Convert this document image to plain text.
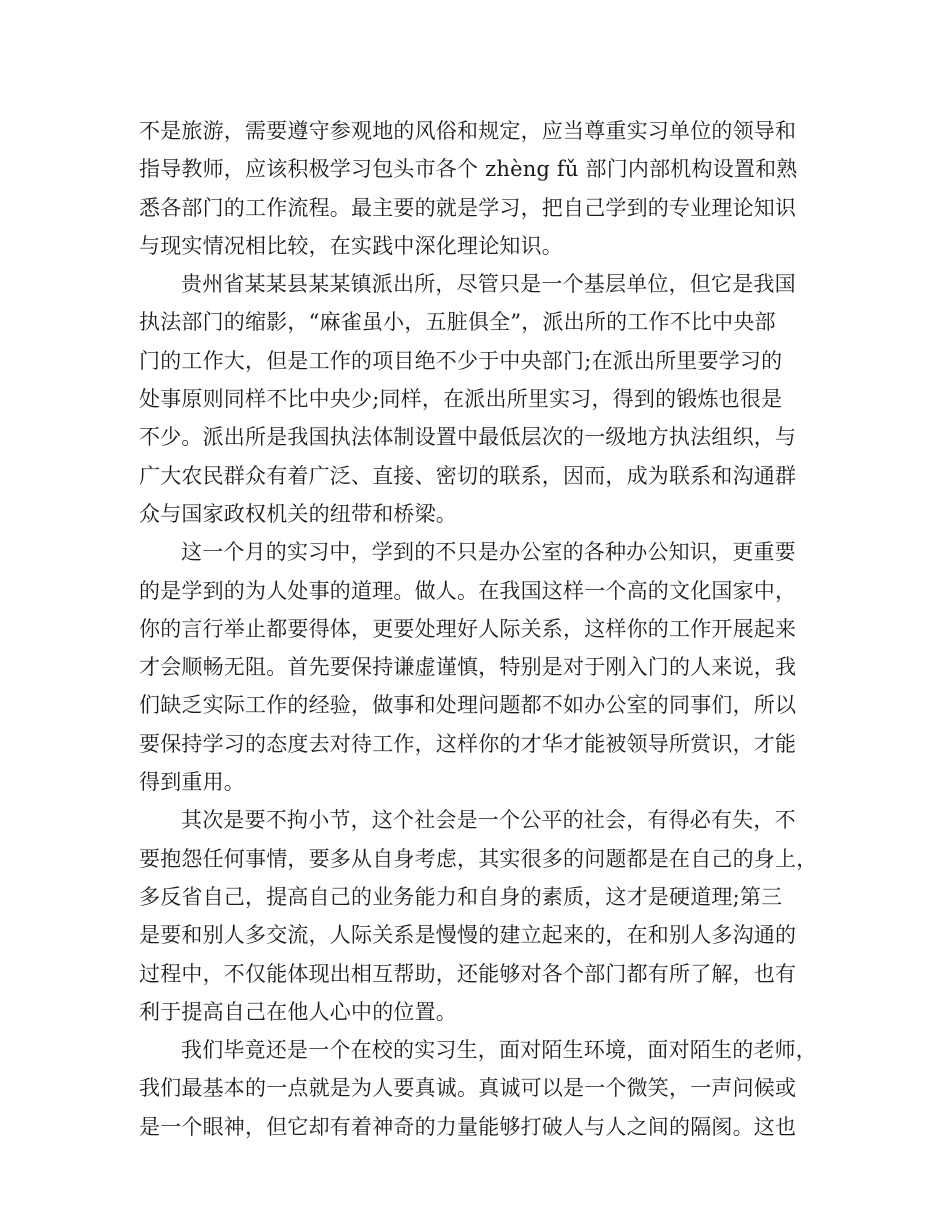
不是旅游，需要遵守参观地的风俗和规定，应当尊重实习单位的领导和
指导教师，应该积极学习包头市各个 zhèng fǔ 部门内部机构设置和熟
悉各部门的工作流程。最主要的就是学习，把自己学到的专业理论知识
与现实情况相比较，在实践中深化理论知识。
贵州省某某县某某镇派出所，尽管只是一个基层单位，但它是我国
执法部门的缩影，“麻雀虽小，五脏俱全”，派出所的工作不比中央部
门的工作大，但是工作的项目绝不少于中央部门;在派出所里要学习的
处事原则同样不比中央少;同样，在派出所里实习，得到的锻炼也很是
不少。派出所是我国执法体制设置中最低层次的一级地方执法组织，与
广大农民群众有着广泛、直接、密切的联系，因而，成为联系和沟通群
众与国家政权机关的纽带和桥梁。
这一个月的实习中，学到的不只是办公室的各种办公知识，更重要
的是学到的为人处事的道理。做人。在我国这样一个高的文化国家中，
你的言行举止都要得体，更要处理好人际关系，这样你的工作开展起来
才会顺畅无阻。首先要保持谦虚谨慎，特别是对于刚入门的人来说，我
们缺乏实际工作的经验，做事和处理问题都不如办公室的同事们，所以
要保持学习的态度去对待工作，这样你的才华才能被领导所赏识，才能
得到重用。
其次是要不拘小节，这个社会是一个公平的社会，有得必有失，不
要抱怨任何事情，要多从自身考虑，其实很多的问题都是在自己的身上，
多反省自己，提高自己的业务能力和自身的素质，这才是硬道理;第三
是要和别人多交流，人际关系是慢慢的建立起来的，在和别人多沟通的
过程中，不仅能体现出相互帮助，还能够对各个部门都有所了解，也有
利于提高自己在他人心中的位置。
我们毕竟还是一个在校的实习生，面对陌生环境，面对陌生的老师，
我们最基本的一点就是为人要真诚。真诚可以是一个微笑，一声问候或
是一个眼神，但它却有着神奇的力量能够打破人与人之间的隔阂。这也
